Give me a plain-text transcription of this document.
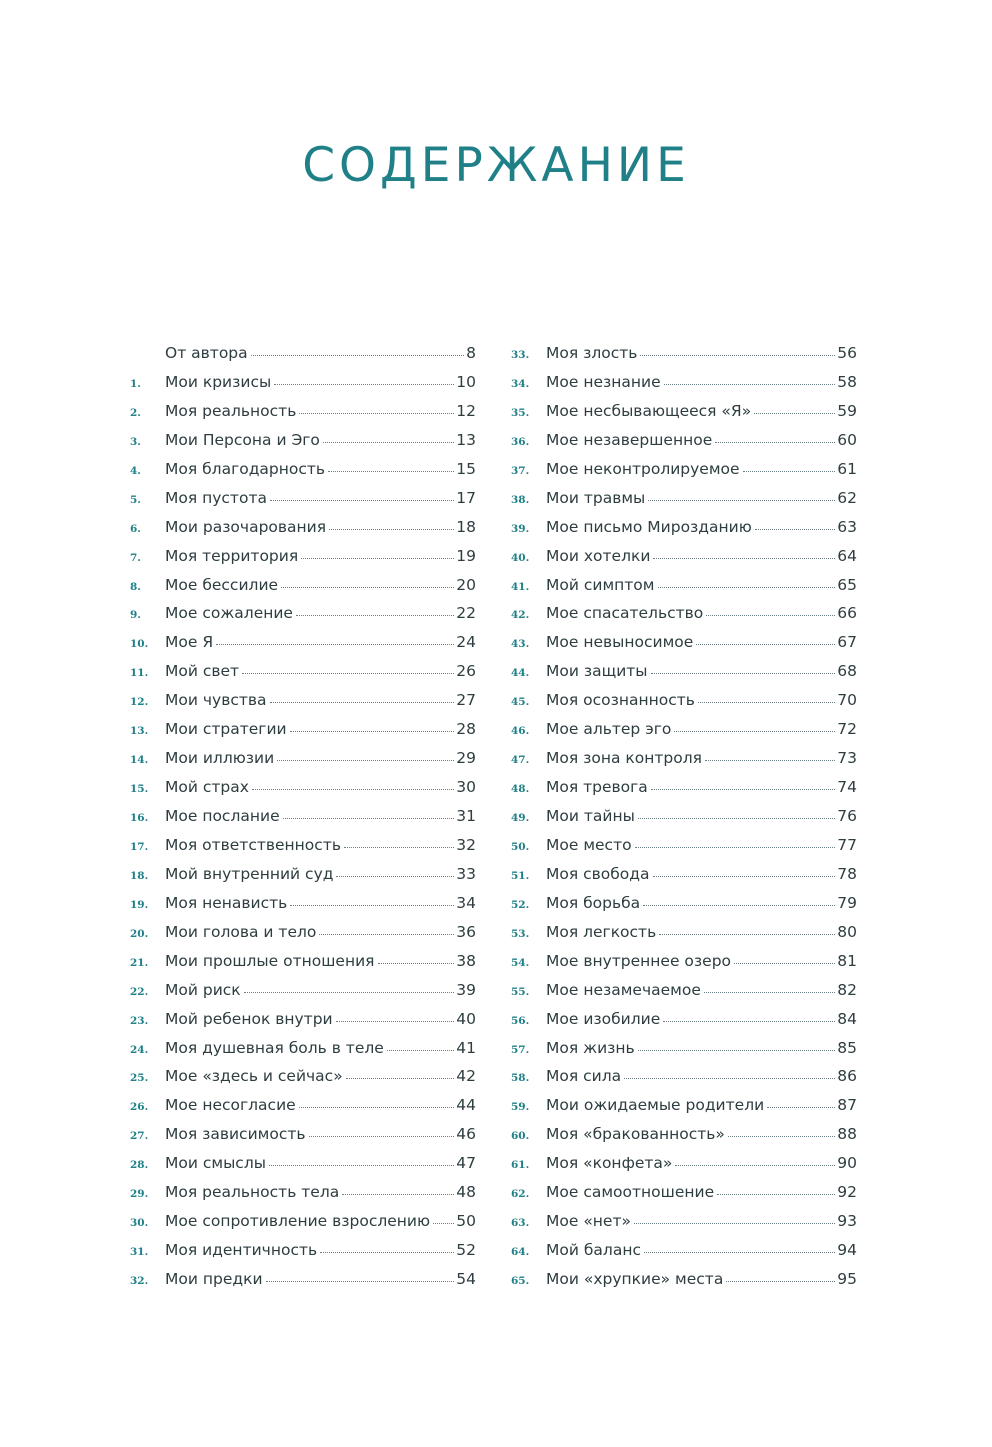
СОДЕРЖАНИЕ
От автора	8
1.	Мои кризисы	10
2.	Моя реальность	12
3.	Мои Персона и Эго	13
4.	Моя благодарность	15
5.	Моя пустота	17
6.	Мои разочарования	18
7.	Моя территория	19
8.	Мое бессилие	20
9.	Мое сожаление	22
10.	Мое Я	24
11.	Мой свет	26
12.	Мои чувства	27
13.	Мои стратегии	28
14.	Мои иллюзии	29
15.	Мой страх	30
16.	Мое послание	31
17.	Моя ответственность	32
18.	Мой внутренний суд	33
19.	Моя ненависть	34
20.	Мои голова и тело	36
21.	Мои прошлые отношения	38
22.	Мой риск	39
23.	Мой ребенок внутри	40
24.	Моя душевная боль в теле	41
25.	Мое «здесь и сейчас»	42
26.	Мое несогласие	44
27.	Моя зависимость	46
28.	Мои смыслы	47
29.	Моя реальность тела	48
30.	Мое сопротивление взрослению 50
31.	Моя идентичность	52
32.	Мои предки	54
33.	Моя злость	56
34.	Мое незнание	58
35.	Мое несбывающееся «Я»	59
36.	Мое незавершенное	60
37.	Мое неконтролируемое	61
38.	Мои травмы	62
39.	Мое письмо Мирозданию	63
40.	Мои хотелки	64
41.	Мой симптом	65
42.	Мое спасательство	66
43.	Мое невыносимое	67
44.	Мои защиты	68
45.	Моя осознанность	70
46.	Мое альтер эго	72
47.	Моя зона контроля	73
48.	Моя тревога	74
49.	Мои тайны	76
50.	Мое место	77
51.	Моя свобода	78
52.	Моя борьба	79
53.	Моя легкость	80
54.	Мое внутреннее озеро	81
55.	Мое незамечаемое	82
56.	Мое изобилие	84
57.	Моя жизнь	85
58.	Моя сила	86
59.	Мои ожидаемые родители	87
60.	Моя «бракованность»	88
61.	Моя «конфета»	90
62.	Мое самоотношение	92
63.	Мое «нет»	93
64.	Мой баланс	94
65.	Мои «хрупкие» места	95
